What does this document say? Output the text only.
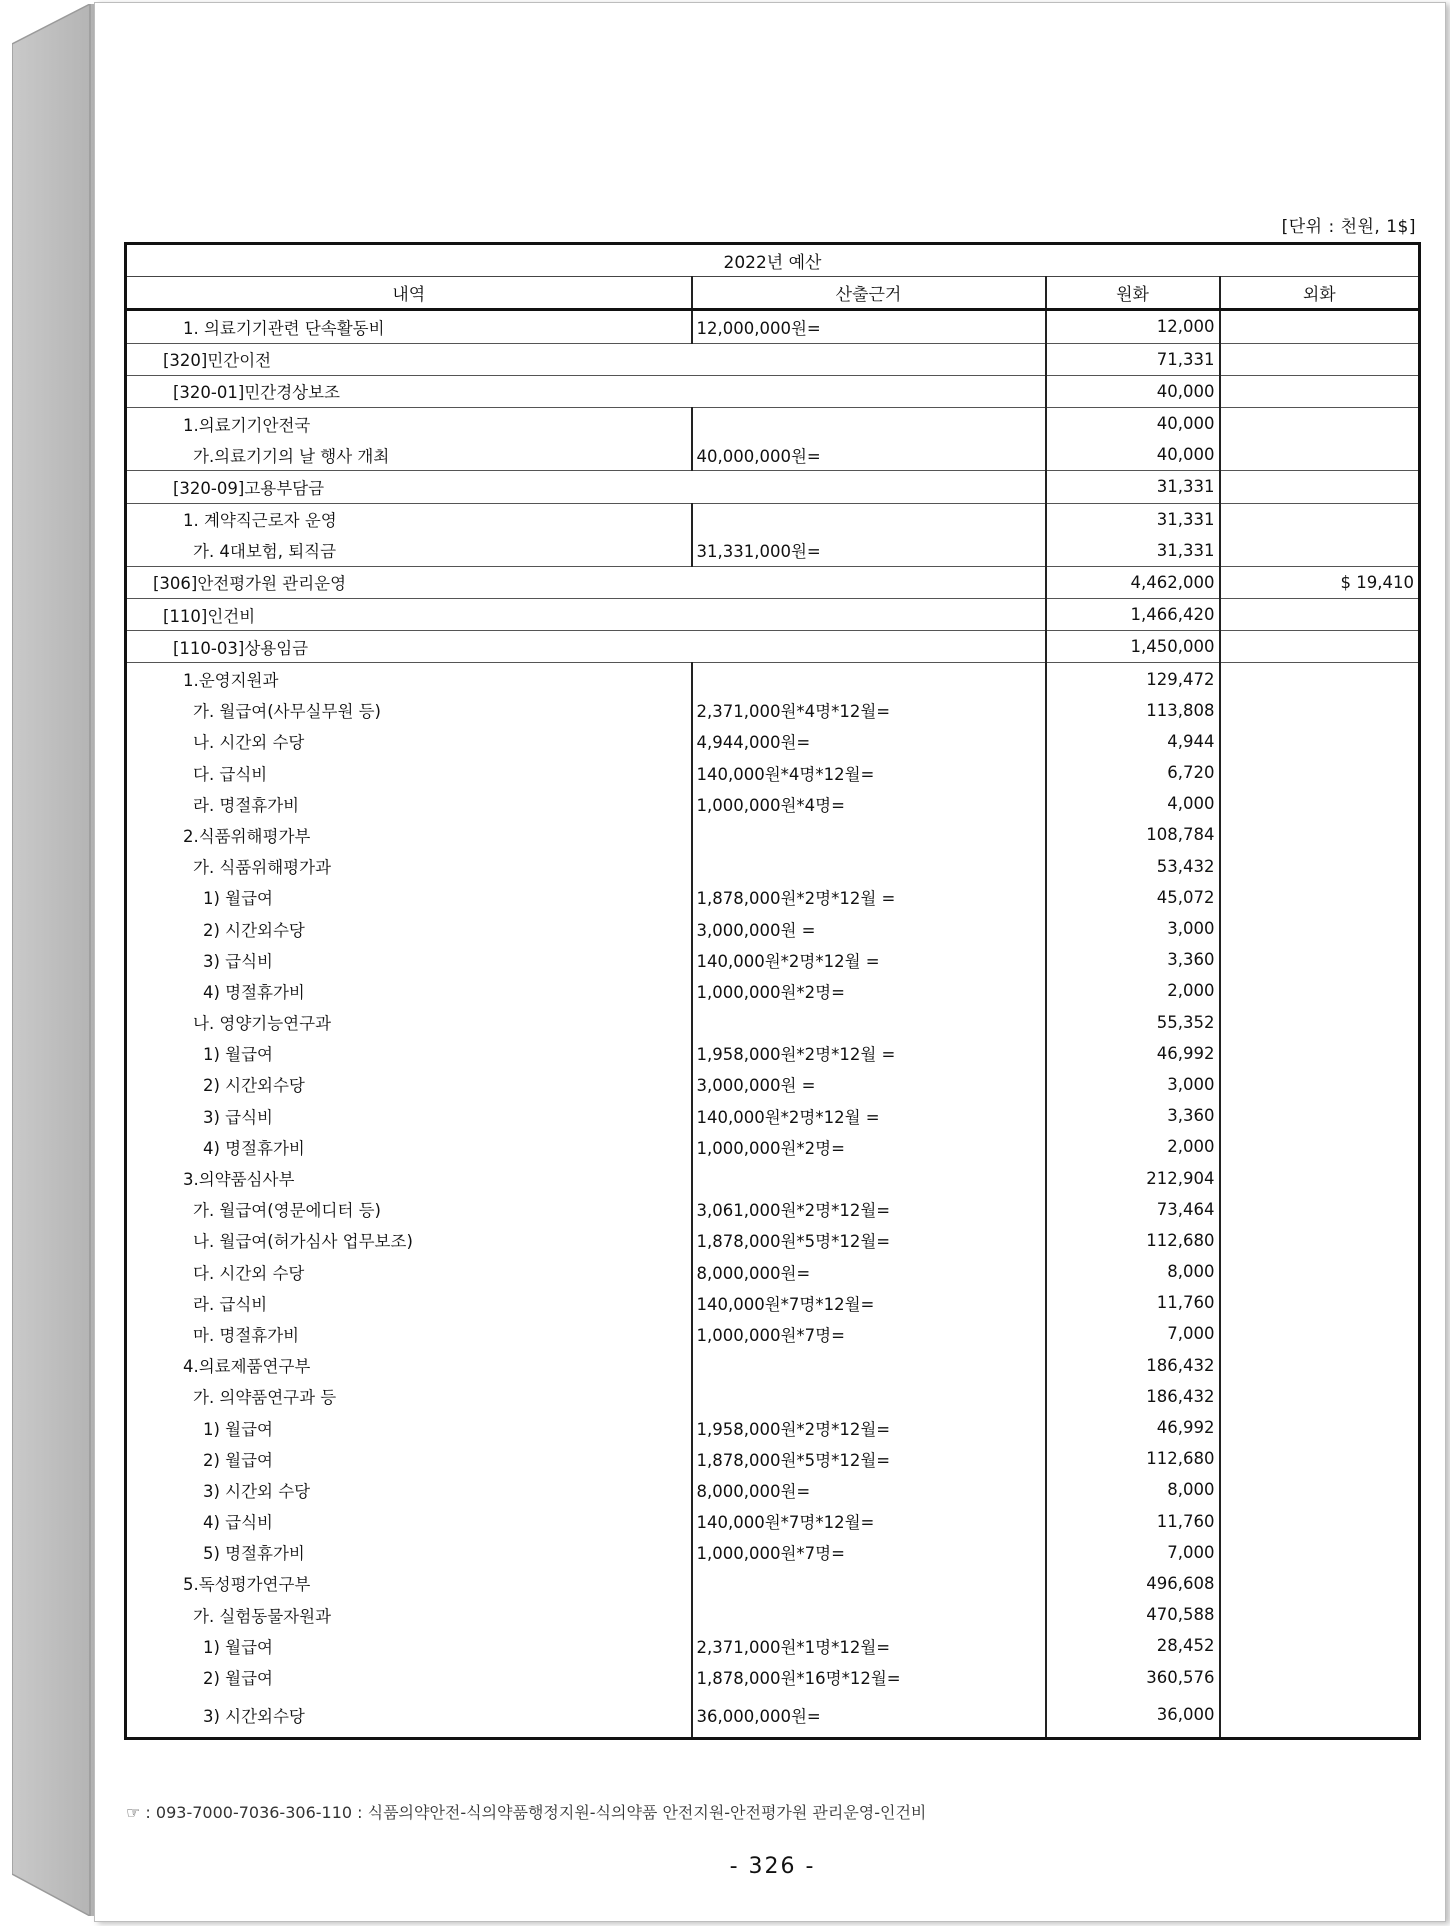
[단위 : 천원, 1$]
2022년 예산			
내역	산출근거	원화	외화
1. 의료기기관련 단속활동비	12,000,000원=	12,000	
[320]민간이전		71,331	
[320-01]민간경상보조		40,000	
1.의료기기안전국		40,000	
가.의료기기의 날 행사 개최	40,000,000원=	40,000	
[320-09]고용부담금		31,331	
1. 계약직근로자 운영		31,331	
가. 4대보험, 퇴직금	31,331,000원=	31,331	
[306]안전평가원 관리운영		4,462,000	$ 19,410
[110]인건비		1,466,420	
[110-03]상용임금		1,450,000	
1.운영지원과		129,472	
가. 월급여(사무실무원 등)	2,371,000원*4명*12월=	113,808	
나. 시간외 수당	4,944,000원=	4,944	
다. 급식비	140,000원*4명*12월=	6,720	
라. 명절휴가비	1,000,000원*4명=	4,000	
2.식품위해평가부		108,784	
가. 식품위해평가과		53,432	
1) 월급여	1,878,000원*2명*12월 =	45,072	
2) 시간외수당	3,000,000원 =	3,000	
3) 급식비	140,000원*2명*12월 =	3,360	
4) 명절휴가비	1,000,000원*2명=	2,000	
나. 영양기능연구과		55,352	
1) 월급여	1,958,000원*2명*12월 =	46,992	
2) 시간외수당	3,000,000원 =	3,000	
3) 급식비	140,000원*2명*12월 =	3,360	
4) 명절휴가비	1,000,000원*2명=	2,000	
3.의약품심사부		212,904	
가. 월급여(영문에디터 등)	3,061,000원*2명*12월=	73,464	
나. 월급여(허가심사 업무보조)	1,878,000원*5명*12월=	112,680	
다. 시간외 수당	8,000,000원=	8,000	
라. 급식비	140,000원*7명*12월=	11,760	
마. 명절휴가비	1,000,000원*7명=	7,000	
4.의료제품연구부		186,432	
가. 의약품연구과 등		186,432	
1) 월급여	1,958,000원*2명*12월=	46,992	
2) 월급여	1,878,000원*5명*12월=	112,680	
3) 시간외 수당	8,000,000원=	8,000	
4) 급식비	140,000원*7명*12월=	11,760	
5) 명절휴가비	1,000,000원*7명=	7,000	
5.독성평가연구부		496,608	
가. 실험동물자원과		470,588	
1) 월급여	2,371,000원*1명*12월=	28,452	
2) 월급여	1,878,000원*16명*12월=	360,576	
3) 시간외수당	36,000,000원=	36,000	
☞ : 093-7000-7036-306-110 : 식품의약안전-식의약품행정지원-식의약품 안전지원-안전평가원 관리운영-인건비
- 326 -
